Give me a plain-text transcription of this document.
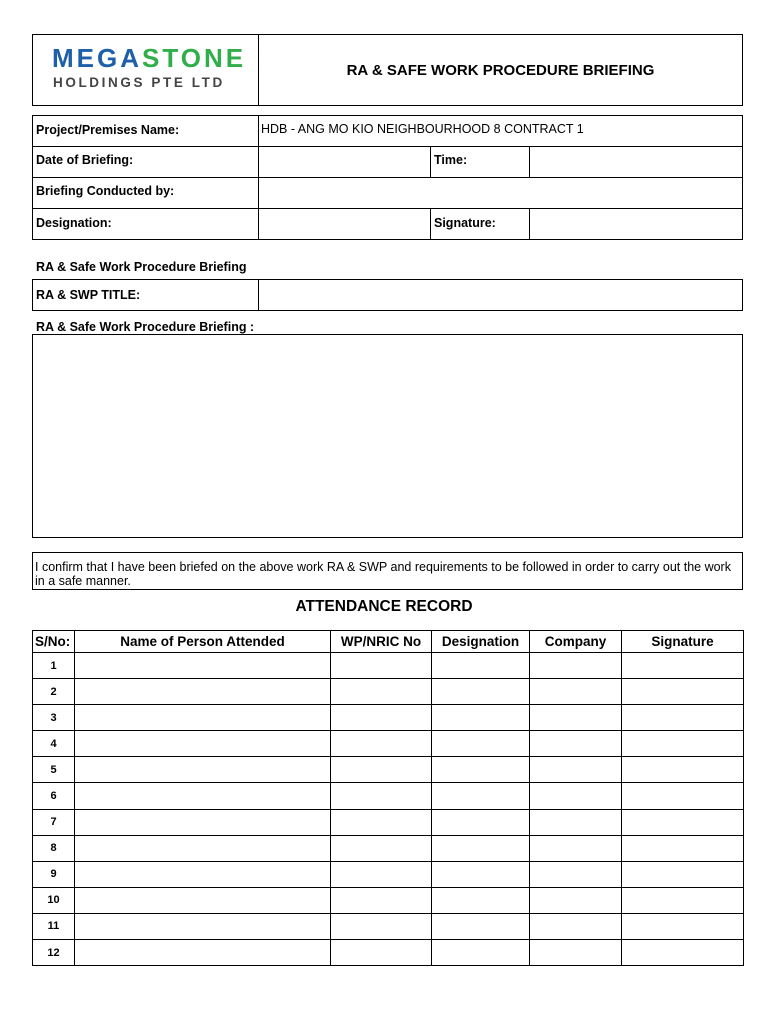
MEGASTONE
HOLDINGS PTE LTD
RA & SAFE WORK PROCEDURE BRIEFING
Project/Premises Name:	HDB - ANG MO KIO NEIGHBOURHOOD 8 CONTRACT 1
Date of Briefing:	Time:
Briefing Conducted by:
Designation:	Signature:
RA & Safe Work Procedure Briefing
RA & SWP TITLE:
RA & Safe Work Procedure Briefing :
I confirm that I have been briefed on the above work RA & SWP and requirements to be followed in order to carry out the work in a safe manner.
ATTENDANCE RECORD
S/No:	Name of Person Attended	WP/NRIC No	Designation	Company	Signature
1					
2					
3					
4					
5					
6					
7					
8					
9					
10					
11					
12					
